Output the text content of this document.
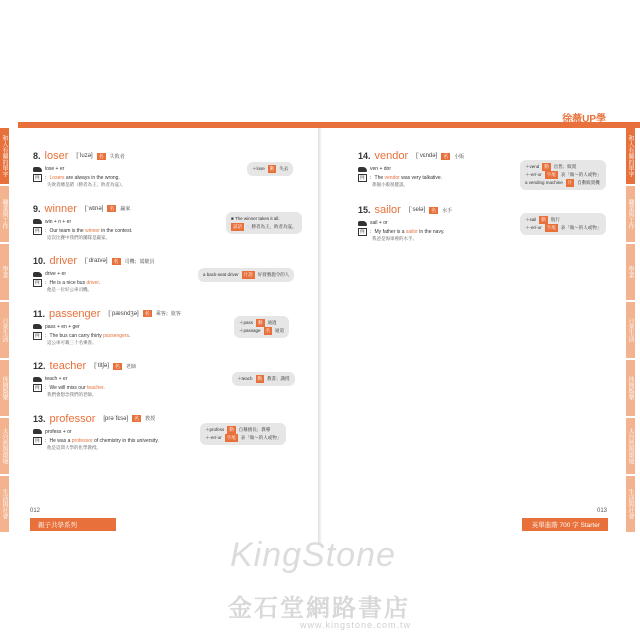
徐薇UP學
和人有關的單字
職業與工作
學業
日常生活
休閒娛樂
大自然與環境
生活與社會
和人有關的單字
職業與工作
學業
日常生活
休閒娛樂
大自然與環境
生活與社會
8. loser [ˈluzə]	名	失敗者
lose + er
例	：Losers are always in the wrong.
失敗者總是錯（勝者為王，敗者為寇）。
9. winner [ˈwɪnə]	名	贏家
win + n + er
例	：Our team is the winner in the contest.
這次比賽中我們的團隊是贏家。
10. driver [ˈdraɪvə]	名	司機；駕駛員
drive + er
例	：He is a nice bus driver.
他是一位好公車司機。
11. passenger [ˈpæsndʒə]	名	乘客；旅客
pass + en + ger
例	：The bus can carry thirty passengers.
這公車可載三十名乘客。
12. teacher [ˈtitʃə]	名	老師
teach + er
例	：We will miss our teacher.
我們會想念我們的老師。
13. professor [prəˈfɛsə]	名	教授
profess + or
例	：He was a professor of chemistry in this university.
他是這間大學的化學教授。
14. vendor [ˈvɛndə]	名	小販
ven + dor
例	：The vendor was very talkative.
那個小販很健談。
15. sailor [ˈselə]	名	水手
sail + or
例	：My father is a sailor in the navy.
我爸是海軍裡的水手。
＋lose	動	失去
■ The winner takes it all.
諺語	：勝者為王，敗者為寇。
a back-seat driver	片語	好發號施令的人
＋pass	動	通過
＋passage	名	通道
＋teach	動	教書；講授
＋profess	動	自稱擅長；教導
＋-er/-or	字尾	表「做～的人或物」
＋vend	動	出售；販賣
＋-er/-or	字尾	表「做～的人或物」
a vending machine	片	自動販賣機
＋sail	動	航行
＋-er/-or	字尾	表「做～的人或物」
012	013
親子共學系列	英單進階 700 字 Starter
KingStone
金石堂網路書店
www.kingstone.com.tw
